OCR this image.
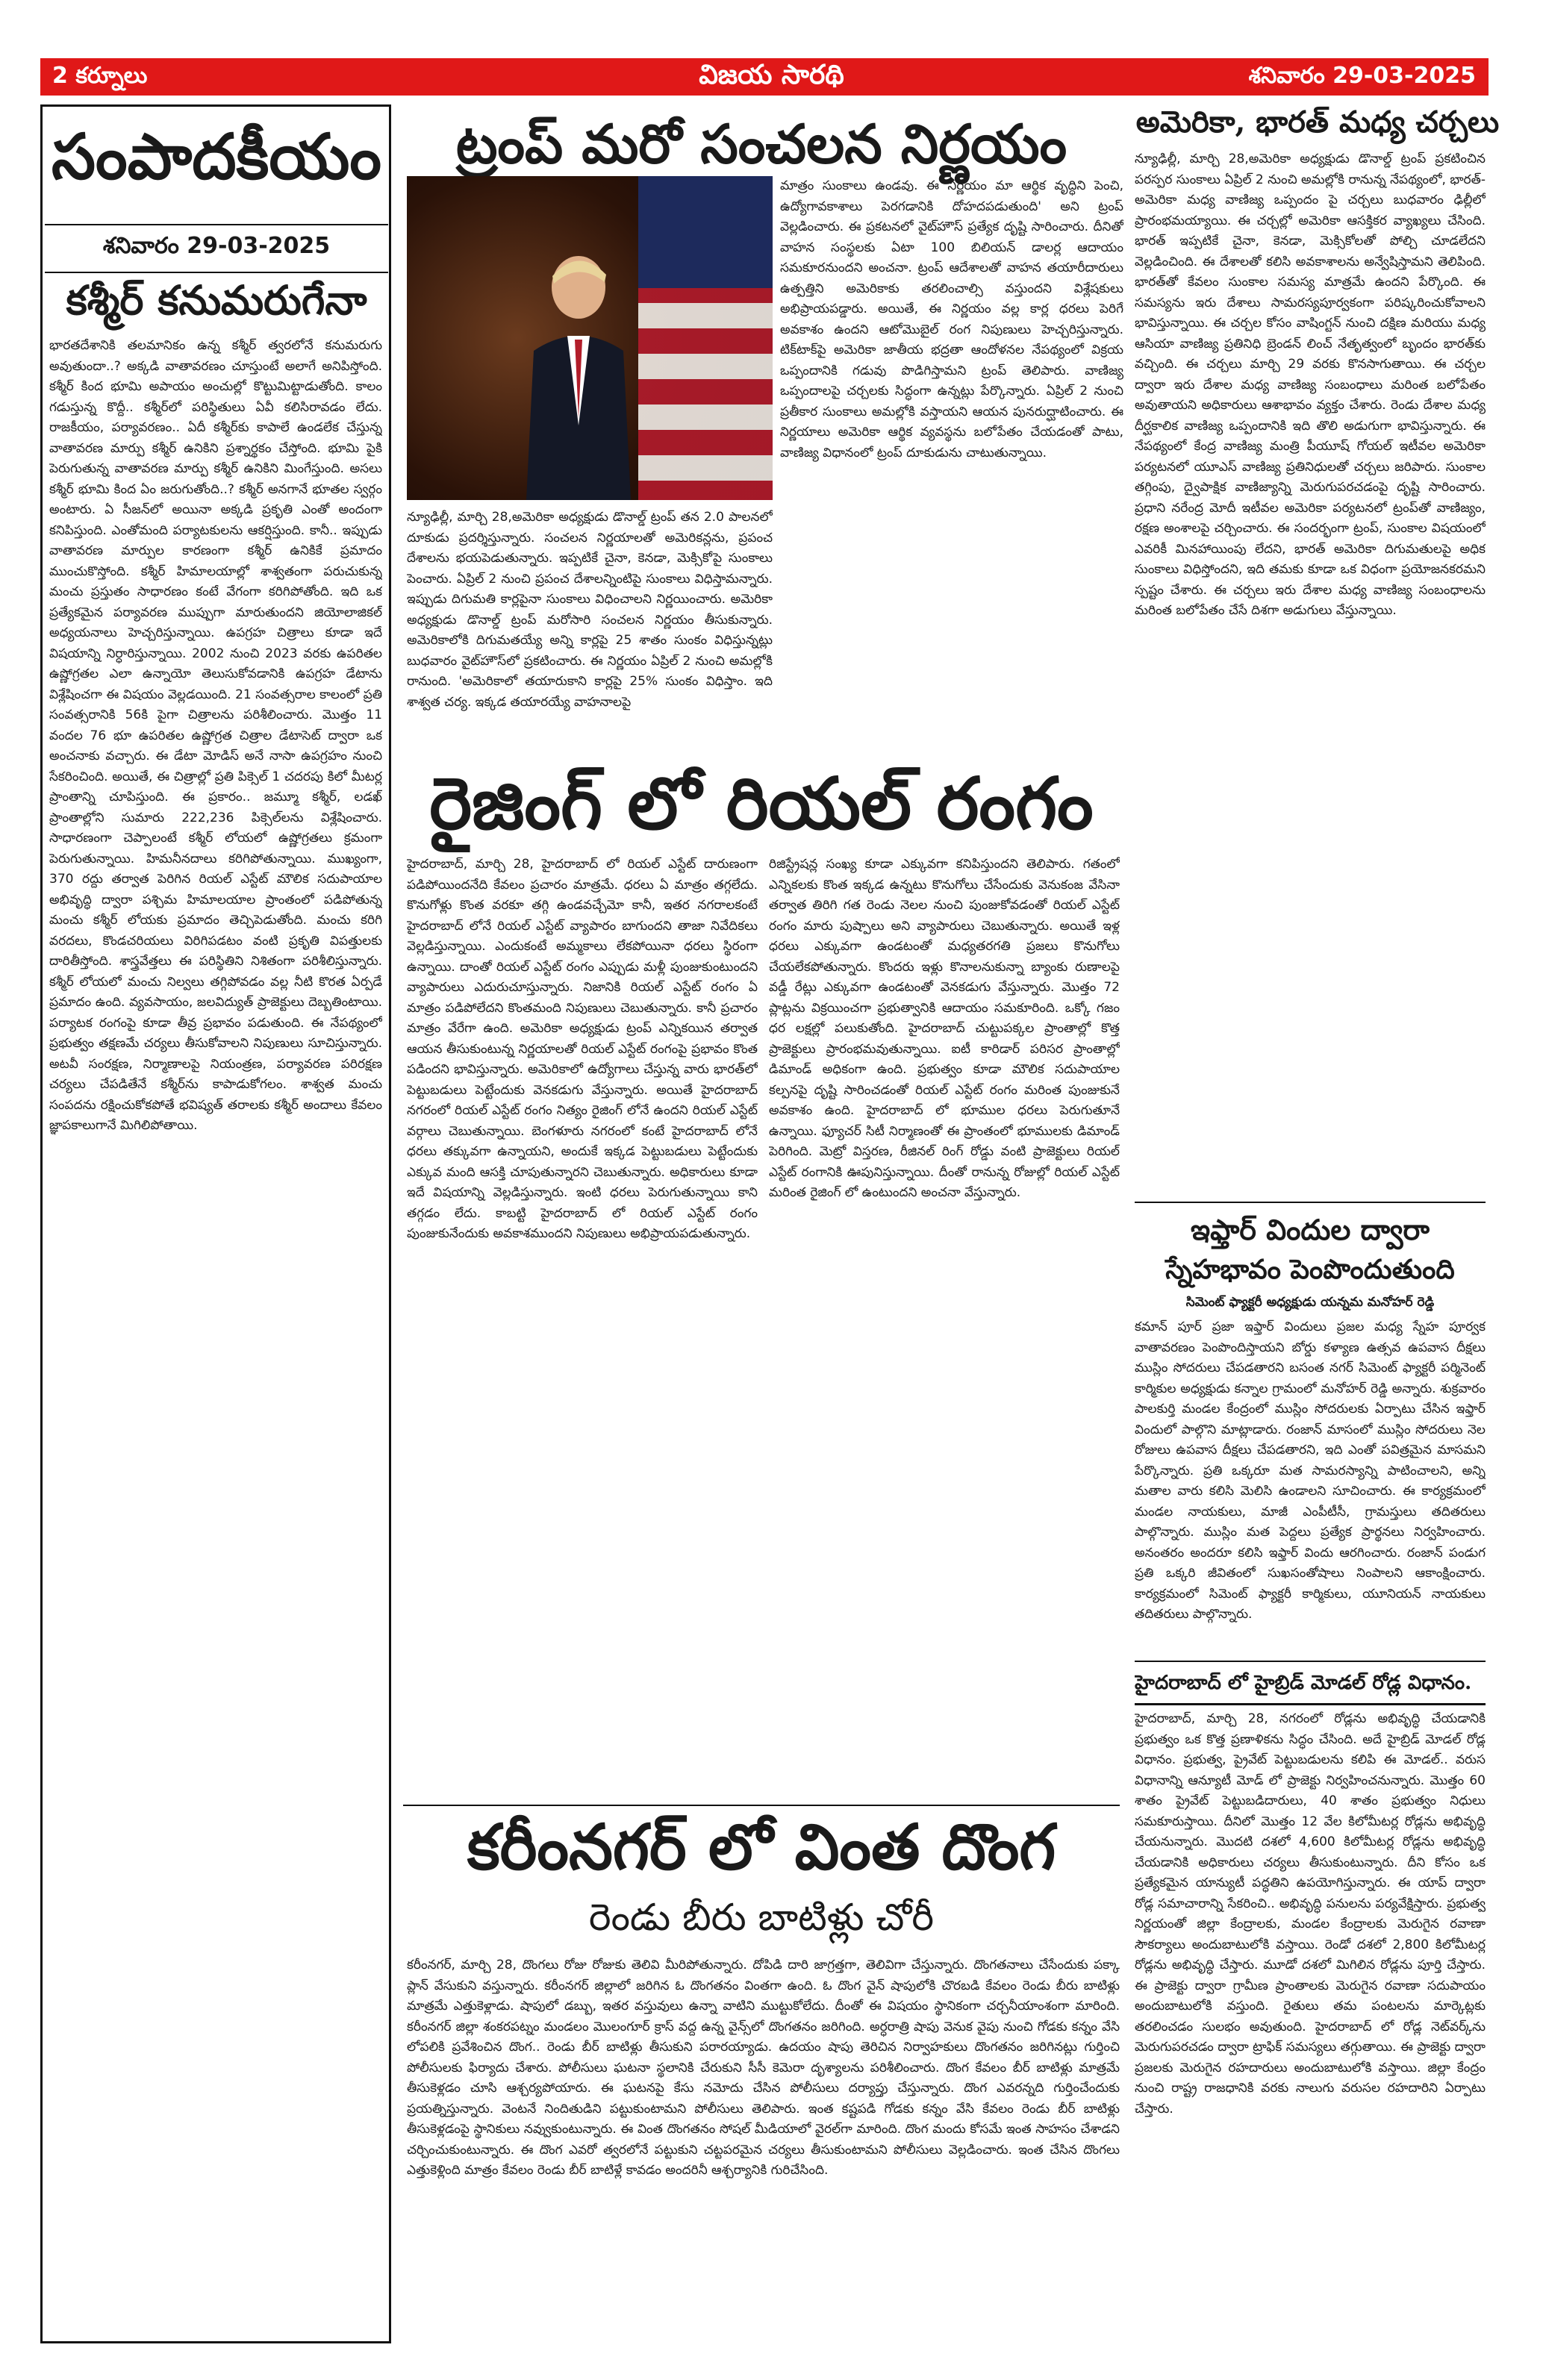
2 కర్నూలు	విజయ సారథి	శనివారం 29-03-2025
సంపాదకీయం
శనివారం 29-03-2025
కశ్మీర్ కనుమరుగేనా
భారతదేశానికి తలమానికం ఉన్న కశ్మీర్ త్వరలోనే కనుమరుగు అవుతుందా..? అక్కడి వాతావరణం చూస్తుంటే అలాగే అనిపిస్తోంది. కశ్మీర్ కింద భూమి అపాయం అంచుల్లో కొట్టుమిట్టాడుతోంది. కాలం గడుస్తున్న కొద్దీ.. కశ్మీర్‌లో పరిస్థితులు ఏవీ కలిసిరావడం లేదు. రాజకీయం, పర్యావరణం.. ఏదీ కశ్మీర్‌కు కాపాలే ఉండలేక చేస్తున్న వాతావరణ మార్పు కశ్మీర్ ఉనికిని ప్రశ్నార్థకం చేస్తోంది. భూమి పైకి పెరుగుతున్న వాతావరణ మార్పు కశ్మీర్ ఉనికిని మింగేస్తుంది. అసలు కశ్మీర్ భూమి కింద ఏం జరుగుతోంది..? కశ్మీర్ అనగానే భూతల స్వర్గం అంటారు. ఏ సీజన్‌లో అయినా అక్కడి ప్రకృతి ఎంతో అందంగా కనిపిస్తుంది. ఎంతోమంది పర్యాటకులను ఆకర్షిస్తుంది. కానీ.. ఇప్పుడు వాతావరణ మార్పుల కారణంగా కశ్మీర్ ఉనికికే ప్రమాదం ముంచుకొస్తోంది. కశ్మీర్ హిమాలయాల్లో శాశ్వతంగా పరుచుకున్న మంచు ప్రస్తుతం సాధారణం కంటే వేగంగా కరిగిపోతోంది. ఇది ఒక ప్రత్యేకమైన పర్యావరణ ముప్పుగా మారుతుందని జియోలాజికల్ అధ్యయనాలు హెచ్చరిస్తున్నాయి. ఉపగ్రహ చిత్రాలు కూడా ఇదే విషయాన్ని నిర్ధారిస్తున్నాయి. 2002 నుంచి 2023 వరకు ఉపరితల ఉష్ణోగ్రతల ఎలా ఉన్నాయో తెలుసుకోవడానికి ఉపగ్రహ డేటాను విశ్లేషించగా ఈ విషయం వెల్లడయింది. 21 సంవత్సరాల కాలంలో ప్రతి సంవత్సరానికి 56కి పైగా చిత్రాలను పరిశీలించారు. మొత్తం 11 వందల 76 భూ ఉపరితల ఉష్ణోగ్రత చిత్రాల డేటాసెట్ ద్వారా ఒక అంచనాకు వచ్చారు. ఈ డేటా మోడిస్ అనే నాసా ఉపగ్రహం నుంచి సేకరించింది. అయితే, ఈ చిత్రాల్లో ప్రతి పిక్సెల్ 1 చదరపు కిలో మీటర్ల ప్రాంతాన్ని చూపిస్తుంది. ఈ ప్రకారం.. జమ్మూ కశ్మీర్, లడఖ్ ప్రాంతాల్లోని సుమారు 222,236 పిక్సెల్‌లను విశ్లేషించారు. సాధారణంగా చెప్పాలంటే కశ్మీర్ లోయలో ఉష్ణోగ్రతలు క్రమంగా పెరుగుతున్నాయి. హిమనీనదాలు కరిగిపోతున్నాయి. ముఖ్యంగా, 370 రద్దు తర్వాత పెరిగిన రియల్ ఎస్టేట్ మౌలిక సదుపాయాల అభివృద్ధి ద్వారా పశ్చిమ హిమాలయాల ప్రాంతంలో పడిపోతున్న మంచు కశ్మీర్ లోయకు ప్రమాదం తెచ్చిపెడుతోంది. మంచు కరిగి వరదలు, కొండచరియలు విరిగిపడటం వంటి ప్రకృతి విపత్తులకు దారితీస్తోంది. శాస్త్రవేత్తలు ఈ పరిస్థితిని నిశితంగా పరిశీలిస్తున్నారు. కశ్మీర్ లోయలో మంచు నిల్వలు తగ్గిపోవడం వల్ల నీటి కొరత ఏర్పడే ప్రమాదం ఉంది. వ్యవసాయం, జలవిద్యుత్ ప్రాజెక్టులు దెబ్బతింటాయి. పర్యాటక రంగంపై కూడా తీవ్ర ప్రభావం పడుతుంది. ఈ నేపథ్యంలో ప్రభుత్వం తక్షణమే చర్యలు తీసుకోవాలని నిపుణులు సూచిస్తున్నారు. అటవీ సంరక్షణ, నిర్మాణాలపై నియంత్రణ, పర్యావరణ పరిరక్షణ చర్యలు చేపడితేనే కశ్మీర్‌ను కాపాడుకోగలం. శాశ్వత మంచు సంపదను రక్షించుకోకపోతే భవిష్యత్ తరాలకు కశ్మీర్ అందాలు కేవలం జ్ఞాపకాలుగానే మిగిలిపోతాయి.
ట్రంప్ మరో సంచలన నిర్ణయం
న్యూఢిల్లీ, మార్చి 28,అమెరికా అధ్యక్షుడు డొనాల్డ్ ట్రంప్ తన 2.0 పాలనలో దూకుడు ప్రదర్శిస్తున్నారు. సంచలన నిర్ణయాలతో అమెరికన్లను, ప్రపంచ దేశాలను భయపెడుతున్నారు. ఇప్పటికే చైనా, కెనడా, మెక్సికోపై సుంకాలు పెంచారు. ఏప్రిల్ 2 నుంచి ప్రపంచ దేశాలన్నింటిపై సుంకాలు విధిస్తామన్నారు. ఇప్పుడు దిగుమతి కార్లపైనా సుంకాలు విధించాలని నిర్ణయించారు. అమెరికా అధ్యక్షుడు డొనాల్డ్ ట్రంప్ మరోసారి సంచలన నిర్ణయం తీసుకున్నారు. అమెరికాలోకి దిగుమతయ్యే అన్ని కార్లపై 25 శాతం సుంకం విధిస్తున్నట్లు బుధవారం వైట్‌హౌస్‌లో ప్రకటించారు. ఈ నిర్ణయం ఏప్రిల్ 2 నుంచి అమల్లోకి రానుంది. 'అమెరికాలో తయారుకాని కార్లపై 25% సుంకం విధిస్తాం. ఇది శాశ్వత చర్య. ఇక్కడ తయారయ్యే వాహనాలపై
మాత్రం సుంకాలు ఉండవు. ఈ నిర్ణయం మా ఆర్థిక వృద్ధిని పెంచి, ఉద్యోగావకాశాలు పెరగడానికి దోహదపడుతుంది' అని ట్రంప్ వెల్లడించారు. ఈ ప్రకటనలో వైట్‌హౌస్ ప్రత్యేక దృష్టి సారించారు. దీనితో వాహన సంస్థలకు ఏటా 100 బిలియన్ డాలర్ల ఆదాయం సమకూరనుందని అంచనా. ట్రంప్ ఆదేశాలతో వాహన తయారీదారులు ఉత్పత్తిని అమెరికాకు తరలించాల్సి వస్తుందని విశ్లేషకులు అభిప్రాయపడ్డారు. అయితే, ఈ నిర్ణయం వల్ల కార్ల ధరలు పెరిగే అవకాశం ఉందని ఆటోమొబైల్ రంగ నిపుణులు హెచ్చరిస్తున్నారు. టిక్‌టాక్‌పై అమెరికా జాతీయ భద్రతా ఆందోళనల నేపథ్యంలో విక్రయ ఒప్పందానికి గడువు పొడిగిస్తామని ట్రంప్ తెలిపారు. వాణిజ్య ఒప్పందాలపై చర్చలకు సిద్ధంగా ఉన్నట్లు పేర్కొన్నారు. ఏప్రిల్ 2 నుంచి ప్రతీకార సుంకాలు అమల్లోకి వస్తాయని ఆయన పునరుద్ఘాటించారు. ఈ నిర్ణయాలు అమెరికా ఆర్థిక వ్యవస్థను బలోపేతం చేయడంతో పాటు, వాణిజ్య విధానంలో ట్రంప్ దూకుడును చాటుతున్నాయి.
అమెరికా, భారత్ మధ్య చర్చలు
న్యూఢిల్లీ, మార్చి 28,అమెరికా అధ్యక్షుడు డొనాల్డ్ ట్రంప్ ప్రకటించిన పరస్పర సుంకాలు ఏప్రిల్ 2 నుంచి అమల్లోకి రానున్న నేపథ్యంలో, భారత్-అమెరికా మధ్య వాణిజ్య ఒప్పందం పై చర్చలు బుధవారం ఢిల్లీలో ప్రారంభమయ్యాయి. ఈ చర్చల్లో అమెరికా ఆసక్తికర వ్యాఖ్యలు చేసింది. భారత్ ఇప్పటికే చైనా, కెనడా, మెక్సికోలతో పోల్చి చూడలేదని వెల్లడించింది. ఈ దేశాలతో కలిసి అవకాశాలను అన్వేషిస్తామని తెలిపింది. భారత్‌తో కేవలం సుంకాల సమస్య మాత్రమే ఉందని పేర్కొంది. ఈ సమస్యను ఇరు దేశాలు సామరస్యపూర్వకంగా పరిష్కరించుకోవాలని భావిస్తున్నాయి. ఈ చర్చల కోసం వాషింగ్టన్ నుంచి దక్షిణ మరియు మధ్య ఆసియా వాణిజ్య ప్రతినిధి బ్రెండన్ లించ్ నేతృత్వంలో బృందం భారత్‌కు వచ్చింది. ఈ చర్చలు మార్చి 29 వరకు కొనసాగుతాయి. ఈ చర్చల ద్వారా ఇరు దేశాల మధ్య వాణిజ్య సంబంధాలు మరింత బలోపేతం అవుతాయని అధికారులు ఆశాభావం వ్యక్తం చేశారు. రెండు దేశాల మధ్య దీర్ఘకాలిక వాణిజ్య ఒప్పందానికి ఇది తొలి అడుగుగా భావిస్తున్నారు. ఈ నేపథ్యంలో కేంద్ర వాణిజ్య మంత్రి పీయూష్ గోయల్ ఇటీవల అమెరికా పర్యటనలో యూఎస్ వాణిజ్య ప్రతినిధులతో చర్చలు జరిపారు. సుంకాల తగ్గింపు, ద్వైపాక్షిక వాణిజ్యాన్ని మెరుగుపరచడంపై దృష్టి సారించారు. ప్రధాని నరేంద్ర మోదీ ఇటీవల అమెరికా పర్యటనలో ట్రంప్‌తో వాణిజ్యం, రక్షణ అంశాలపై చర్చించారు. ఈ సందర్భంగా ట్రంప్, సుంకాల విషయంలో ఎవరికీ మినహాయింపు లేదని, భారత్ అమెరికా దిగుమతులపై అధిక సుంకాలు విధిస్తోందని, ఇది తమకు కూడా ఒక విధంగా ప్రయోజనకరమని స్పష్టం చేశారు. ఈ చర్చలు ఇరు దేశాల మధ్య వాణిజ్య సంబంధాలను మరింత బలోపేతం చేసే దిశగా అడుగులు వేస్తున్నాయి.
రైజింగ్ లో రియల్ రంగం
హైదరాబాద్, మార్చి 28, హైదరాబాద్ లో రియల్ ఎస్టేట్ దారుణంగా పడిపోయిందనేది కేవలం ప్రచారం మాత్రమే. ధరలు ఏ మాత్రం తగ్గలేదు. కొనుగోళ్లు కొంత వరకూ తగ్గి ఉండవచ్చేమో కానీ, ఇతర నగరాలకంటే హైదరాబాద్ లోనే రియల్ ఎస్టేట్ వ్యాపారం బాగుందని తాజా నివేదికలు వెల్లడిస్తున్నాయి. ఎందుకంటే అమ్మకాలు లేకపోయినా ధరలు స్థిరంగా ఉన్నాయి. దాంతో రియల్ ఎస్టేట్ రంగం ఎప్పుడు మళ్లీ పుంజుకుంటుందని వ్యాపారులు ఎదురుచూస్తున్నారు. నిజానికి రియల్ ఎస్టేట్ రంగం ఏ మాత్రం పడిపోలేదని కొంతమంది నిపుణులు చెబుతున్నారు. కానీ ప్రచారం మాత్రం వేరేగా ఉంది. అమెరికా అధ్యక్షుడు ట్రంప్ ఎన్నికయిన తర్వాత ఆయన తీసుకుంటున్న నిర్ణయాలతో రియల్ ఎస్టేట్ రంగంపై ప్రభావం కొంత పడిందని భావిస్తున్నారు. అమెరికాలో ఉద్యోగాలు చేస్తున్న వారు భారత్‌లో పెట్టుబడులు పెట్టేందుకు వెనకడుగు వేస్తున్నారు. అయితే హైదరాబాద్ నగరంలో రియల్ ఎస్టేట్ రంగం నిత్యం రైజింగ్ లోనే ఉందని రియల్ ఎస్టేట్ వర్గాలు చెబుతున్నాయి. బెంగళూరు నగరంలో కంటే హైదరాబాద్ లోనే ధరలు తక్కువగా ఉన్నాయని, అందుకే ఇక్కడ పెట్టుబడులు పెట్టేందుకు ఎక్కువ మంది ఆసక్తి చూపుతున్నారని చెబుతున్నారు. అధికారులు కూడా ఇదే విషయాన్ని వెల్లడిస్తున్నారు. ఇంటి ధరలు పెరుగుతున్నాయి కాని తగ్గడం లేదు. కాబట్టి హైదరాబాద్ లో రియల్ ఎస్టేట్ రంగం పుంజుకునేందుకు అవకాశముందని నిపుణులు అభిప్రాయపడుతున్నారు.
రిజిస్ట్రేషన్ల సంఖ్య కూడా ఎక్కువగా కనిపిస్తుందని తెలిపారు. గతంలో ఎన్నికలకు కొంత ఇక్కడ ఉన్నటు కొనుగోలు చేసేందుకు వెనుకంజ వేసినా తర్వాత తిరిగి గత రెండు నెలల నుంచి పుంజుకోవడంతో రియల్ ఎస్టేట్ రంగం మారు పుష్పాలు అని వ్యాపారులు చెబుతున్నారు. అయితే ఇళ్ల ధరలు ఎక్కువగా ఉండటంతో మధ్యతరగతి ప్రజలు కొనుగోలు చేయలేకపోతున్నారు. కొందరు ఇళ్లు కొనాలనుకున్నా బ్యాంకు రుణాలపై వడ్డీ రేట్లు ఎక్కువగా ఉండటంతో వెనకడుగు వేస్తున్నారు. మొత్తం 72 ప్లాట్లను విక్రయించగా ప్రభుత్వానికి ఆదాయం సమకూరింది. ఒక్కో గజం ధర లక్షల్లో పలుకుతోంది. హైదరాబాద్ చుట్టుపక్కల ప్రాంతాల్లో కొత్త ప్రాజెక్టులు ప్రారంభమవుతున్నాయి. ఐటీ కారిడార్ పరిసర ప్రాంతాల్లో డిమాండ్ అధికంగా ఉంది. ప్రభుత్వం కూడా మౌలిక సదుపాయాల కల్పనపై దృష్టి సారించడంతో రియల్ ఎస్టేట్ రంగం మరింత పుంజుకునే అవకాశం ఉంది. హైదరాబాద్ లో భూముల ధరలు పెరుగుతూనే ఉన్నాయి. ఫ్యూచర్ సిటీ నిర్మాణంతో ఈ ప్రాంతంలో భూములకు డిమాండ్ పెరిగింది. మెట్రో విస్తరణ, రీజినల్ రింగ్ రోడ్డు వంటి ప్రాజెక్టులు రియల్ ఎస్టేట్ రంగానికి ఊపునిస్తున్నాయి. దీంతో రానున్న రోజుల్లో రియల్ ఎస్టేట్ మరింత రైజింగ్ లో ఉంటుందని అంచనా వేస్తున్నారు.
ఇఫ్తార్ విందుల ద్వారా
స్నేహభావం పెంపొందుతుంది
సిమెంట్ ఫ్యాక్టరీ అధ్యక్షుడు యన్నమ మనోహర్ రెడ్డి
కమాన్ పూర్ ప్రజా ఇఫ్తార్ విందులు ప్రజల మధ్య స్నేహ పూర్వక వాతావరణం పెంపొందిస్తాయని బోర్డు కళ్యాణ ఉత్సవ ఉపవాస దీక్షలు ముస్లిం సోదరులు చేపడతారని బసంత నగర్ సిమెంట్ ఫ్యాక్టరీ పర్మినెంట్ కార్మికుల అధ్యక్షుడు కన్నాల గ్రామంలో మనోహర్ రెడ్డి అన్నారు. శుక్రవారం పాలకుర్తి మండల కేంద్రంలో ముస్లిం సోదరులకు ఏర్పాటు చేసిన ఇఫ్తార్ విందులో పాల్గొని మాట్లాడారు. రంజాన్ మాసంలో ముస్లిం సోదరులు నెల రోజులు ఉపవాస దీక్షలు చేపడతారని, ఇది ఎంతో పవిత్రమైన మాసమని పేర్కొన్నారు. ప్రతి ఒక్కరూ మత సామరస్యాన్ని పాటించాలని, అన్ని మతాల వారు కలిసి మెలిసి ఉండాలని సూచించారు. ఈ కార్యక్రమంలో మండల నాయకులు, మాజీ ఎంపీటీసీ, గ్రామస్తులు తదితరులు పాల్గొన్నారు. ముస్లిం మత పెద్దలు ప్రత్యేక ప్రార్థనలు నిర్వహించారు. అనంతరం అందరూ కలిసి ఇఫ్తార్ విందు ఆరగించారు. రంజాన్ పండుగ ప్రతి ఒక్కరి జీవితంలో సుఖసంతోషాలు నింపాలని ఆకాంక్షించారు. కార్యక్రమంలో సిమెంట్ ఫ్యాక్టరీ కార్మికులు, యూనియన్ నాయకులు తదితరులు పాల్గొన్నారు.
హైదరాబాద్ లో హైబ్రిడ్ మోడల్ రోడ్ల విధానం.
హైదరాబాద్, మార్చి 28, నగరంలో రోడ్లను అభివృద్ధి చేయడానికి ప్రభుత్వం ఒక కొత్త ప్రణాళికను సిద్ధం చేసింది. అదే హైబ్రిడ్ మోడల్ రోడ్ల విధానం. ప్రభుత్వ, ప్రైవేట్ పెట్టుబడులను కలిపి ఈ మోడల్.. వరుస విధానాన్ని ఆన్యూటీ మోడ్ లో ప్రాజెక్టు నిర్వహించనున్నారు. మొత్తం 60 శాతం ప్రైవేట్ పెట్టుబడిదారులు, 40 శాతం ప్రభుత్వం నిధులు సమకూరుస్తాయి. దీనిలో మొత్తం 12 వేల కిలోమీటర్ల రోడ్లను అభివృద్ధి చేయనున్నారు. మొదటి దశలో 4,600 కిలోమీటర్ల రోడ్లను అభివృద్ధి చేయడానికి అధికారులు చర్యలు తీసుకుంటున్నారు. దీని కోసం ఒక ప్రత్యేకమైన యాన్యుటీ పద్ధతిని ఉపయోగిస్తున్నారు. ఈ యాప్ ద్వారా రోడ్ల సమాచారాన్ని సేకరించి.. అభివృద్ధి పనులను పర్యవేక్షిస్తారు. ప్రభుత్వ నిర్ణయంతో జిల్లా కేంద్రాలకు, మండల కేంద్రాలకు మెరుగైన రవాణా సౌకర్యాలు అందుబాటులోకి వస్తాయి. రెండో దశలో 2,800 కిలోమీటర్ల రోడ్లను అభివృద్ధి చేస్తారు. మూడో దశలో మిగిలిన రోడ్లను పూర్తి చేస్తారు. ఈ ప్రాజెక్టు ద్వారా గ్రామీణ ప్రాంతాలకు మెరుగైన రవాణా సదుపాయం అందుబాటులోకి వస్తుంది. రైతులు తమ పంటలను మార్కెట్లకు తరలించడం సులభం అవుతుంది. హైదరాబాద్ లో రోడ్ల నెట్‌వర్క్‌ను మెరుగుపరచడం ద్వారా ట్రాఫిక్ సమస్యలు తగ్గుతాయి. ఈ ప్రాజెక్టు ద్వారా ప్రజలకు మెరుగైన రహదారులు అందుబాటులోకి వస్తాయి. జిల్లా కేంద్రం నుంచి రాష్ట్ర రాజధానికి వరకు నాలుగు వరుసల రహదారిని ఏర్పాటు చేస్తారు.
కరీంనగర్ లో వింత దొంగ
రెండు బీరు బాటిళ్లు చోరీ
కరీంనగర్, మార్చి 28, దొంగలు రోజు రోజుకు తెలివి మీరిపోతున్నారు. దోపిడి దారి జాగ్రత్తగా, తెలివిగా చేస్తున్నారు. దొంగతనాలు చేసేందుకు పక్కా ప్లాన్ వేసుకుని వస్తున్నారు. కరీంనగర్ జిల్లాలో జరిగిన ఓ దొంగతనం వింతగా ఉంది. ఓ దొంగ వైన్ షాపులోకి చొరబడి కేవలం రెండు బీరు బాటిళ్లు మాత్రమే ఎత్తుకెళ్లాడు. షాపులో డబ్బు, ఇతర వస్తువులు ఉన్నా వాటిని ముట్టుకోలేదు. దీంతో ఈ విషయం స్థానికంగా చర్చనీయాంశంగా మారింది. కరీంనగర్ జిల్లా శంకరపట్నం మండలం మొలంగూర్ క్రాస్ వద్ద ఉన్న వైన్స్‌లో దొంగతనం జరిగింది. అర్ధరాత్రి షాపు వెనుక వైపు నుంచి గోడకు కన్నం వేసి లోపలికి ప్రవేశించిన దొంగ.. రెండు బీర్ బాటిళ్లు తీసుకుని పరారయ్యాడు. ఉదయం షాపు తెరిచిన నిర్వాహకులు దొంగతనం జరిగినట్లు గుర్తించి పోలీసులకు ఫిర్యాదు చేశారు. పోలీసులు ఘటనా స్థలానికి చేరుకుని సీసీ కెమెరా దృశ్యాలను పరిశీలించారు. దొంగ కేవలం బీర్ బాటిళ్లు మాత్రమే తీసుకెళ్లడం చూసి ఆశ్చర్యపోయారు. ఈ ఘటనపై కేసు నమోదు చేసిన పోలీసులు దర్యాప్తు చేస్తున్నారు. దొంగ ఎవరన్నది గుర్తించేందుకు ప్రయత్నిస్తున్నారు. వెంటనే నిందితుడిని పట్టుకుంటామని పోలీసులు తెలిపారు. ఇంత కష్టపడి గోడకు కన్నం వేసి కేవలం రెండు బీర్ బాటిళ్లు తీసుకెళ్లడంపై స్థానికులు నవ్వుకుంటున్నారు. ఈ వింత దొంగతనం సోషల్ మీడియాలో వైరల్‌గా మారింది. దొంగ మందు కోసమే ఇంత సాహసం చేశాడని చర్చించుకుంటున్నారు. ఈ దొంగ ఎవరో త్వరలోనే పట్టుకుని చట్టపరమైన చర్యలు తీసుకుంటామని పోలీసులు వెల్లడించారు. ఇంత చేసిన దొంగలు ఎత్తుకెళ్లింది మాత్రం కేవలం రెండు బీర్ బాటిళ్లే కావడం అందరినీ ఆశ్చర్యానికి గురిచేసింది.
